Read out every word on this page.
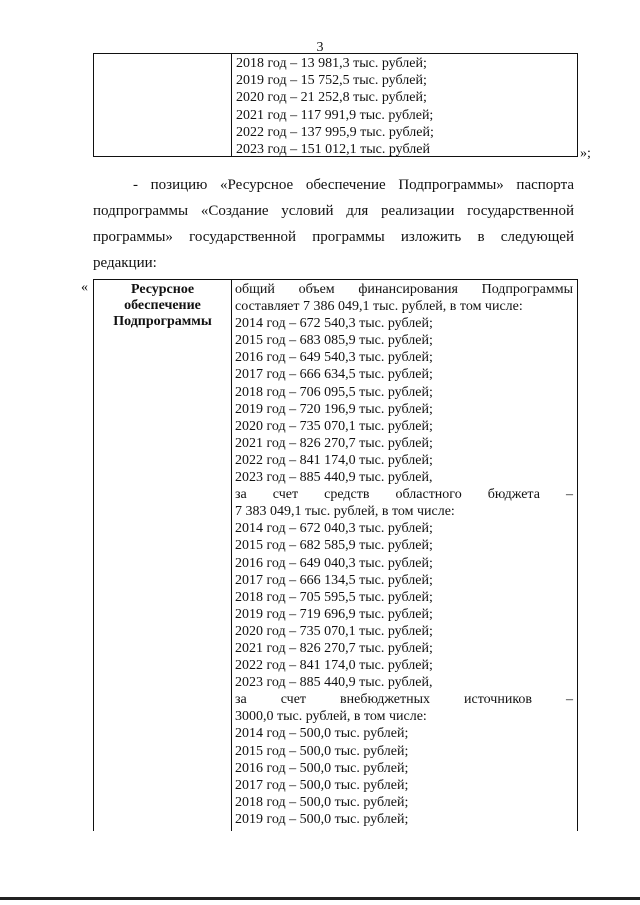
3
2018 год – 13 981,3 тыс. рублей;
2019 год – 15 752,5 тыс. рублей;
2020 год – 21 252,8 тыс. рублей;
2021 год – 117 991,9 тыс. рублей;
2022 год – 137 995,9 тыс. рублей;
2023 год – 151 012,1 тыс. рублей	»;
- позицию «Ресурсное обеспечение Подпрограммы» паспорта
подпрограммы «Создание условий для реализации государственной
программы» государственной программы изложить в следующей
редакции:
«	Ресурсное
обеспечение
Подпрограммы
общий объем финансирования Подпрограммы
составляет 7 386 049,1 тыс. рублей, в том числе:
2014 год – 672 540,3 тыс. рублей;
2015 год – 683 085,9 тыс. рублей;
2016 год – 649 540,3 тыс. рублей;
2017 год – 666 634,5 тыс. рублей;
2018 год – 706 095,5 тыс. рублей;
2019 год – 720 196,9 тыс. рублей;
2020 год – 735 070,1 тыс. рублей;
2021 год – 826 270,7 тыс. рублей;
2022 год – 841 174,0 тыс. рублей;
2023 год – 885 440,9 тыс. рублей,
за счет средств областного бюджета –
7 383 049,1 тыс. рублей, в том числе:
2014 год – 672 040,3 тыс. рублей;
2015 год – 682 585,9 тыс. рублей;
2016 год – 649 040,3 тыс. рублей;
2017 год – 666 134,5 тыс. рублей;
2018 год – 705 595,5 тыс. рублей;
2019 год – 719 696,9 тыс. рублей;
2020 год – 735 070,1 тыс. рублей;
2021 год – 826 270,7 тыс. рублей;
2022 год – 841 174,0 тыс. рублей;
2023 год – 885 440,9 тыс. рублей,
за счет внебюджетных источников –
3000,0 тыс. рублей, в том числе:
2014 год – 500,0 тыс. рублей;
2015 год – 500,0 тыс. рублей;
2016 год – 500,0 тыс. рублей;
2017 год – 500,0 тыс. рублей;
2018 год – 500,0 тыс. рублей;
2019 год – 500,0 тыс. рублей;
